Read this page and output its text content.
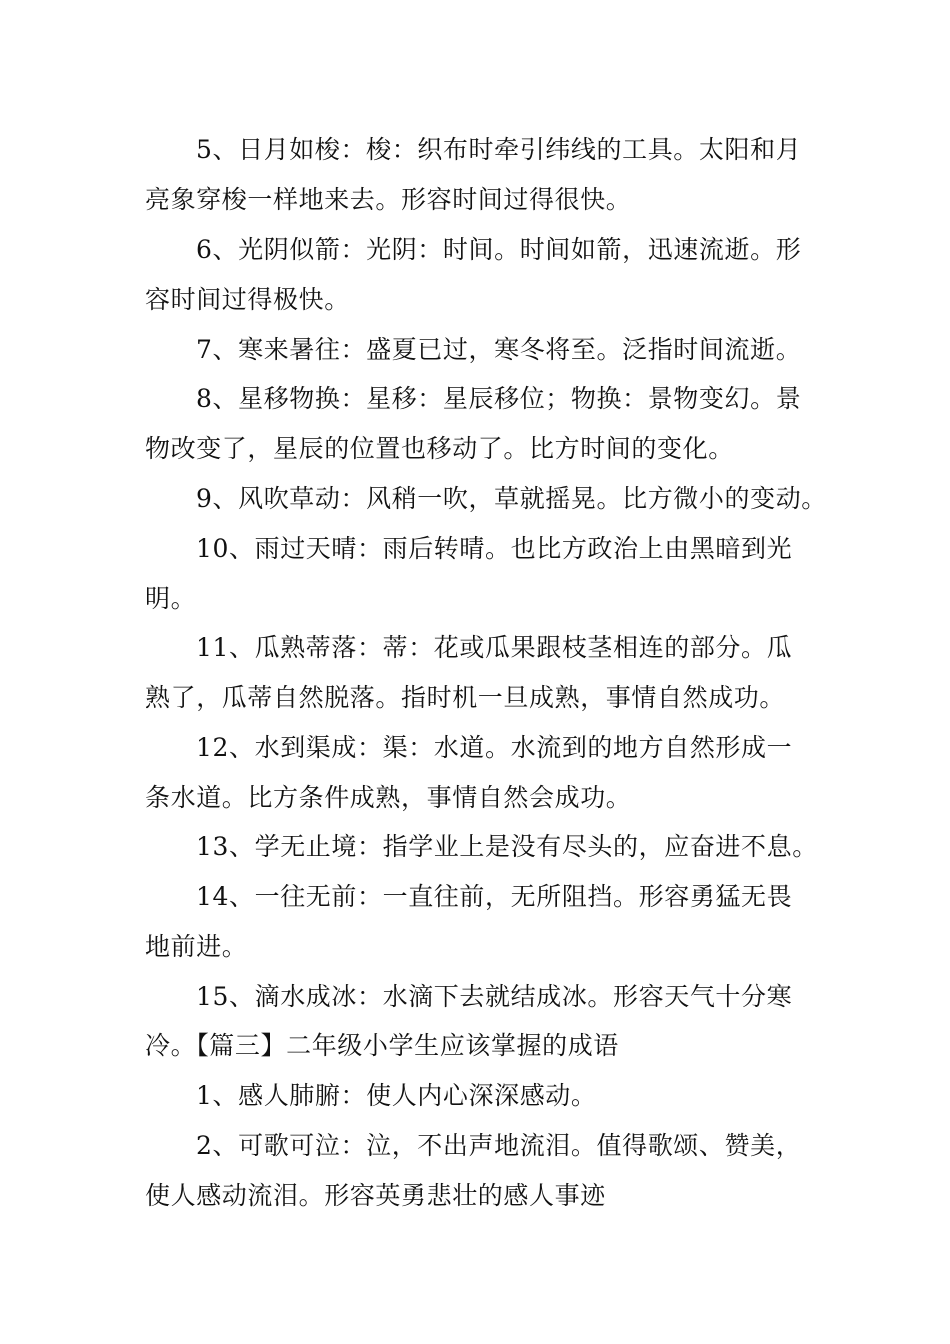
5、日月如梭：梭：织布时牵引纬线的工具。太阳和月
亮象穿梭一样地来去。形容时间过得很快。
6、光阴似箭：光阴：时间。时间如箭，迅速流逝。形
容时间过得极快。
7、寒来暑往：盛夏已过，寒冬将至。泛指时间流逝。
8、星移物换：星移：星辰移位；物换：景物变幻。景
物改变了，星辰的位置也移动了。比方时间的变化。
9、风吹草动：风稍一吹，草就摇晃。比方微小的变动。
10、雨过天晴：雨后转晴。也比方政治上由黑暗到光
明。
11、瓜熟蒂落：蒂：花或瓜果跟枝茎相连的部分。瓜
熟了，瓜蒂自然脱落。指时机一旦成熟，事情自然成功。
12、水到渠成：渠：水道。水流到的地方自然形成一
条水道。比方条件成熟，事情自然会成功。
13、学无止境：指学业上是没有尽头的，应奋进不息。
14、一往无前：一直往前，无所阻挡。形容勇猛无畏
地前进。
15、滴水成冰：水滴下去就结成冰。形容天气十分寒
冷。【篇三】二年级小学生应该掌握的成语
1、感人肺腑：使人内心深深感动。
2、可歌可泣：泣，不出声地流泪。值得歌颂、赞美，
使人感动流泪。形容英勇悲壮的感人事迹
